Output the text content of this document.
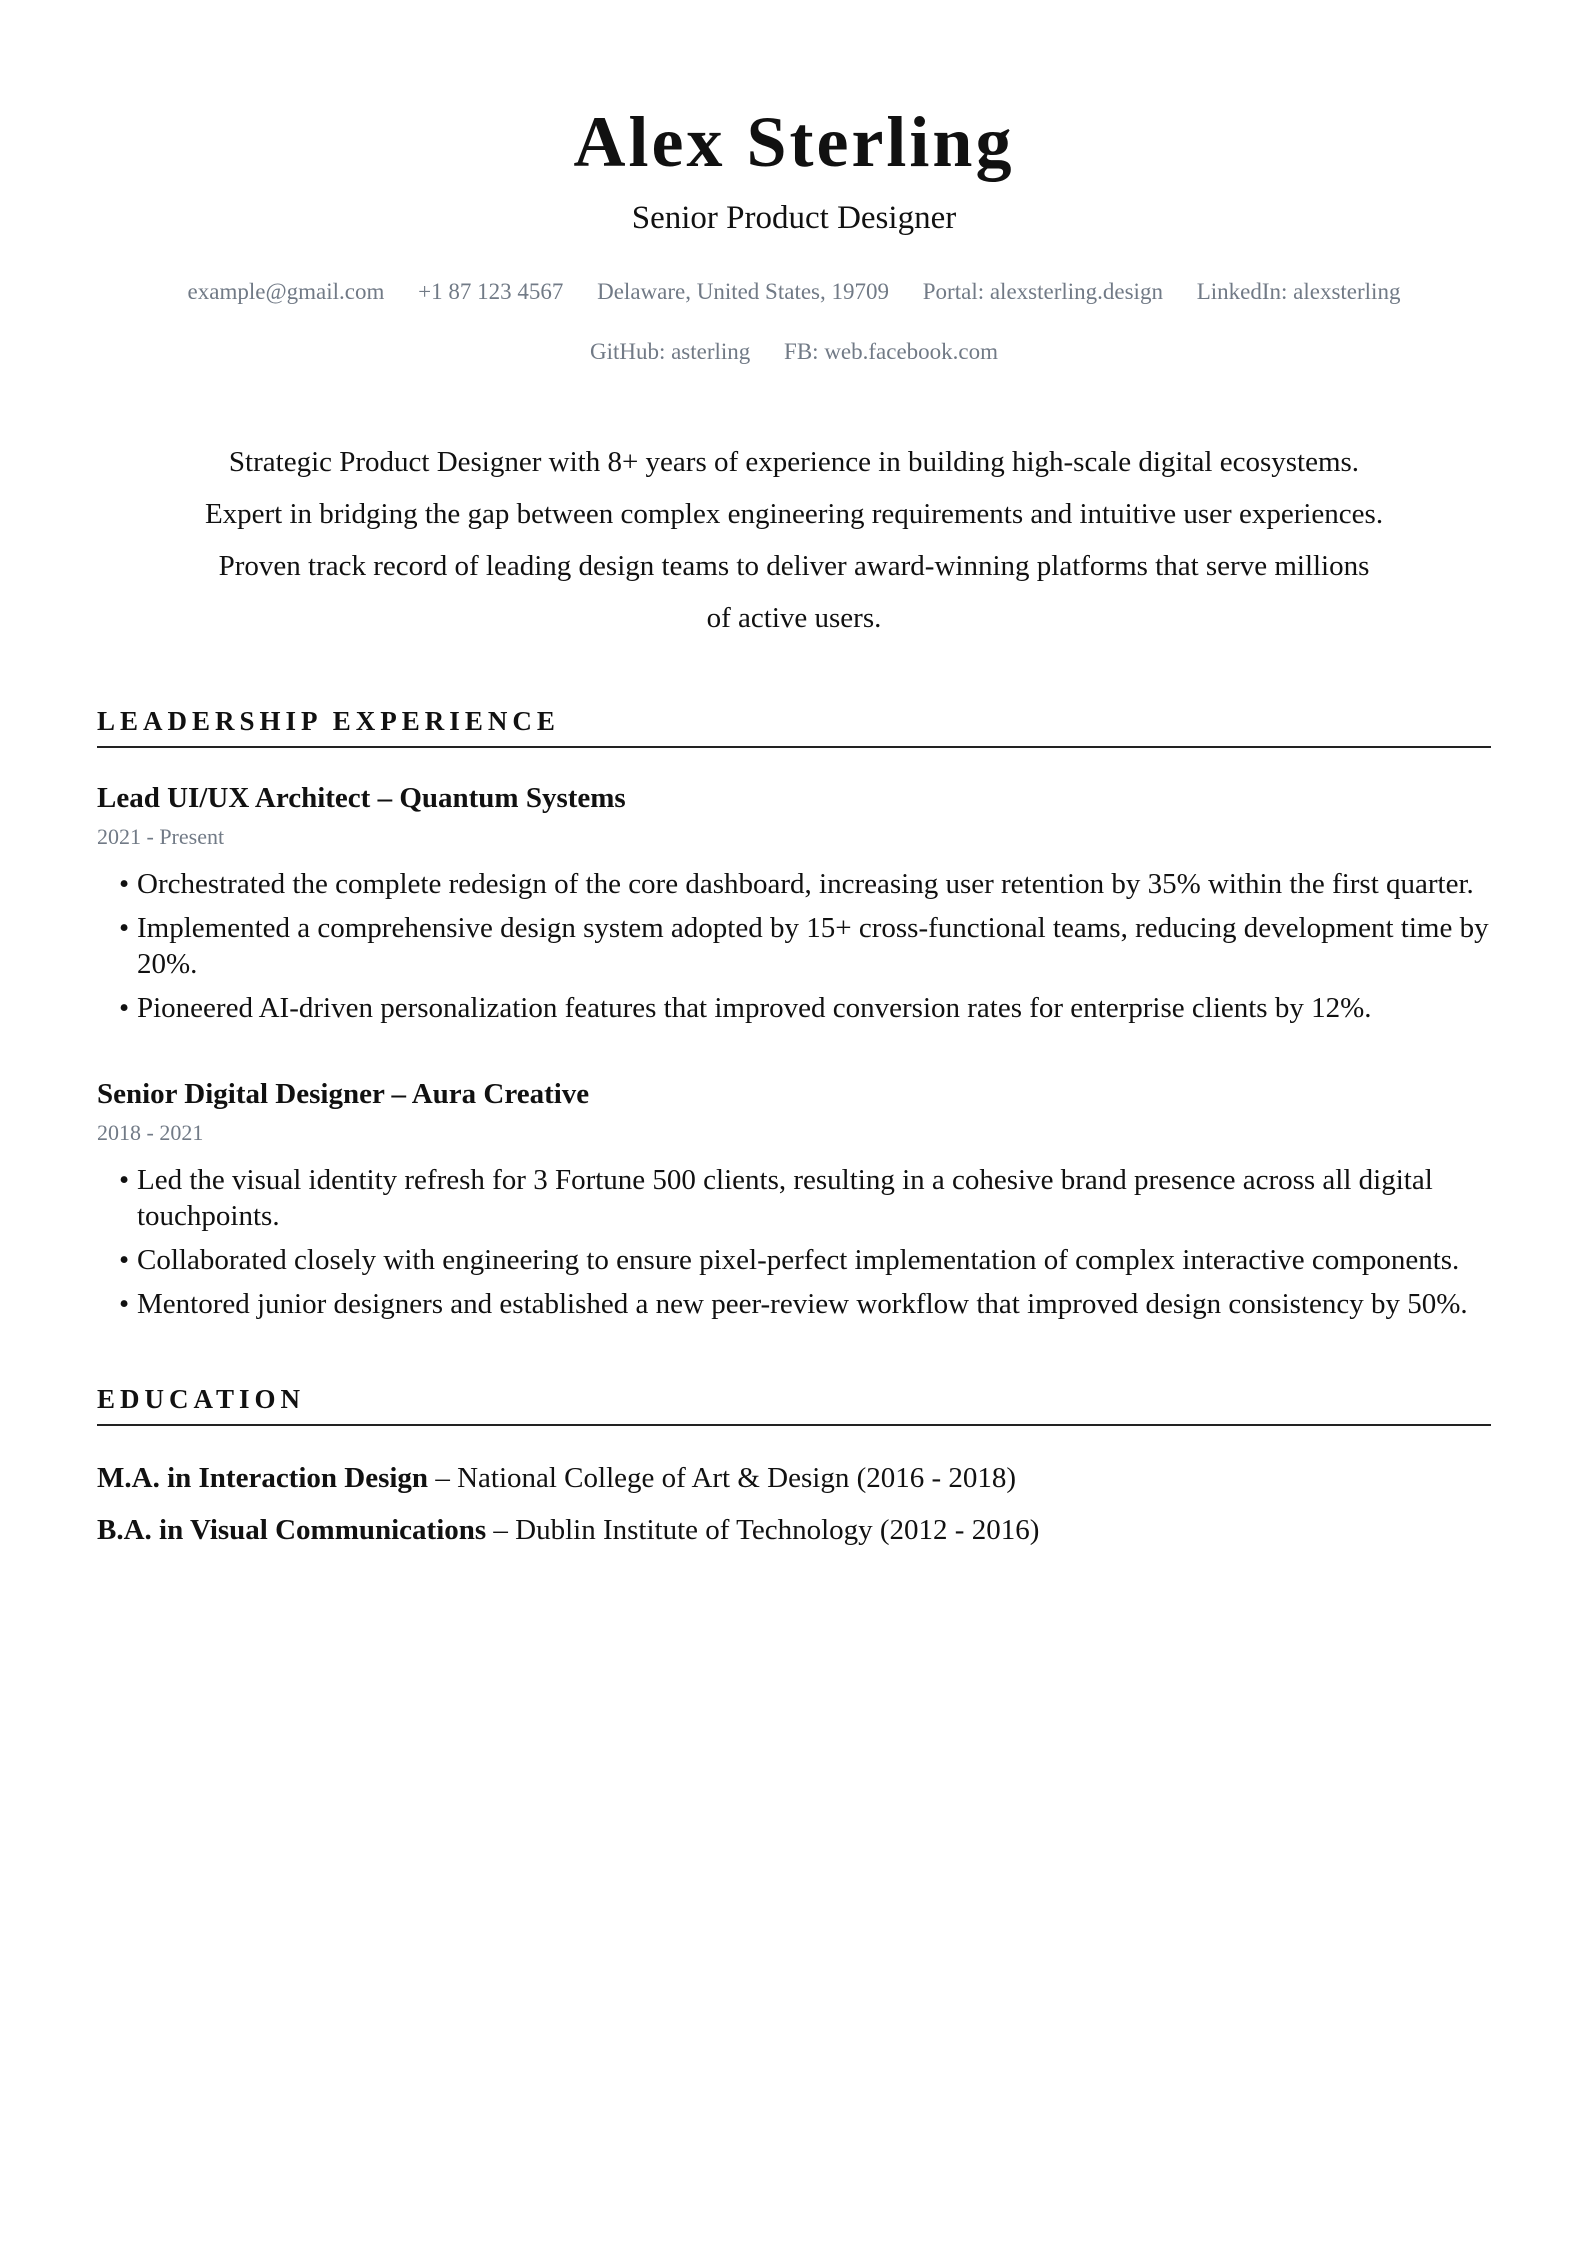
Alex Sterling
Senior Product Designer
example@gmail.com +1 87 123 4567 Delaware, United States, 19709 Portal: alexsterling.design LinkedIn: alexsterling
GitHub: asterling FB: web.facebook.com

Strategic Product Designer with 8+ years of experience in building high-scale digital ecosystems. Expert in bridging the gap between complex engineering requirements and intuitive user experiences. Proven track record of leading design teams to deliver award-winning platforms that serve millions of active users.

LEADERSHIP EXPERIENCE
Lead UI/UX Architect – Quantum Systems
2021 - Present
• Orchestrated the complete redesign of the core dashboard, increasing user retention by 35% within the first quarter.
• Implemented a comprehensive design system adopted by 15+ cross-functional teams, reducing development time by 20%.
• Pioneered AI-driven personalization features that improved conversion rates for enterprise clients by 12%.
Senior Digital Designer – Aura Creative
2018 - 2021
• Led the visual identity refresh for 3 Fortune 500 clients, resulting in a cohesive brand presence across all digital touchpoints.
• Collaborated closely with engineering to ensure pixel-perfect implementation of complex interactive components.
• Mentored junior designers and established a new peer-review workflow that improved design consistency by 50%.
EDUCATION
M.A. in Interaction Design – National College of Art & Design (2016 - 2018)
B.A. in Visual Communications – Dublin Institute of Technology (2012 - 2016)
